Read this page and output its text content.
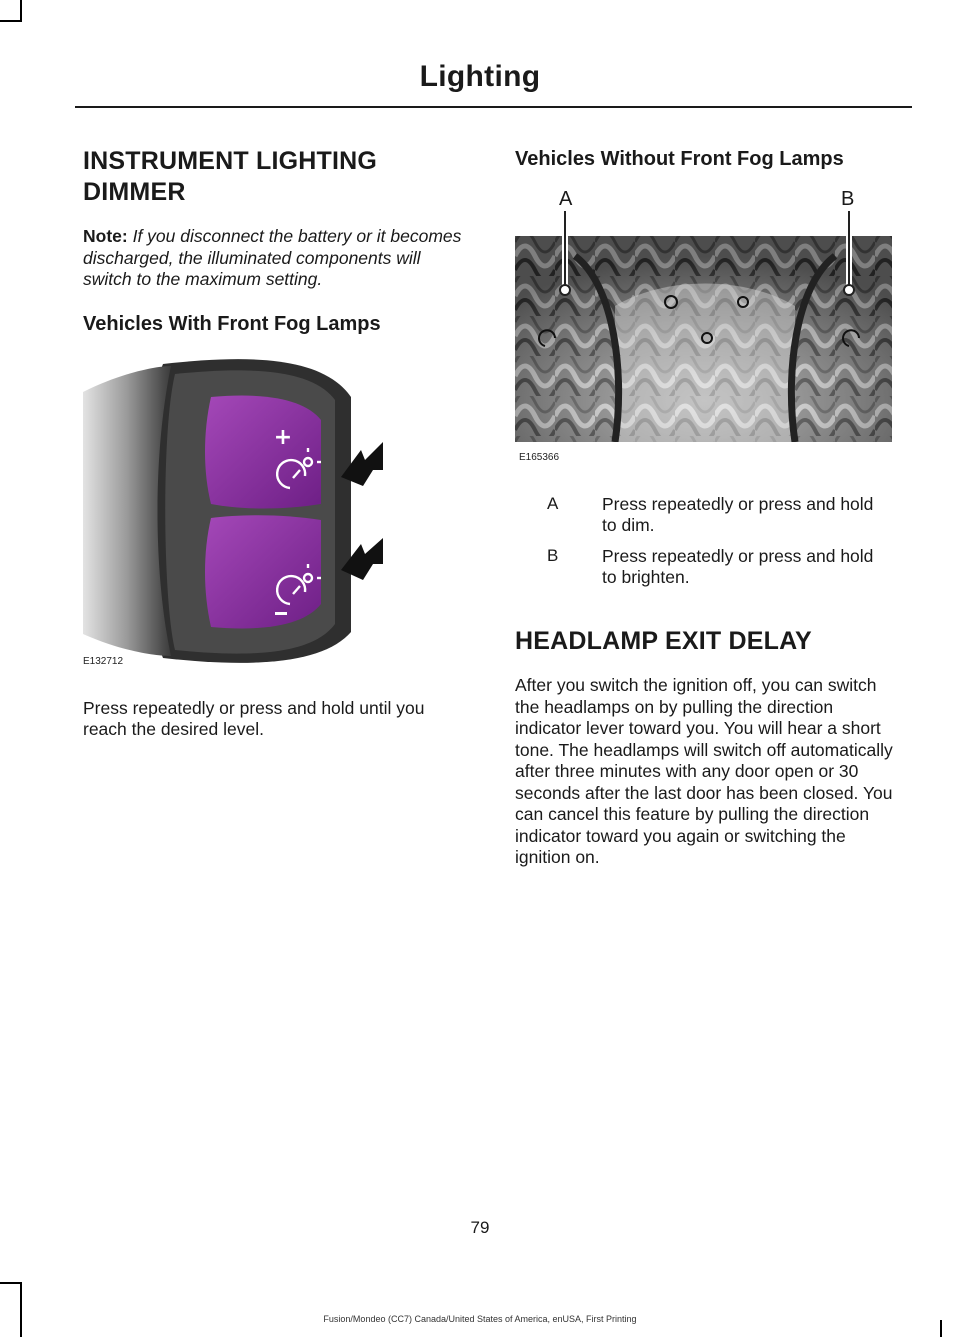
Lighting
INSTRUMENT LIGHTING DIMMER

Note: If you disconnect the battery or it becomes discharged, the illuminated components will switch to the maximum setting.

Vehicles With Front Fog Lamps
+
E132712

Press repeatedly or press and hold until you reach the desired level.

Vehicles Without Front Fog Lamps
A	B
E165366
A Press repeatedly or press and hold to dim.
B Press repeatedly or press and hold to brighten.
HEADLAMP EXIT DELAY

After you switch the ignition off, you can switch the headlamps on by pulling the direction indicator lever toward you. You will hear a short tone. The headlamps will switch off automatically after three minutes with any door open or 30 seconds after the last door has been closed. You can cancel this feature by pulling the direction indicator toward you again or switching the ignition on.

79
Fusion/Mondeo (CC7) Canada/United States of America, enUSA, First Printing
